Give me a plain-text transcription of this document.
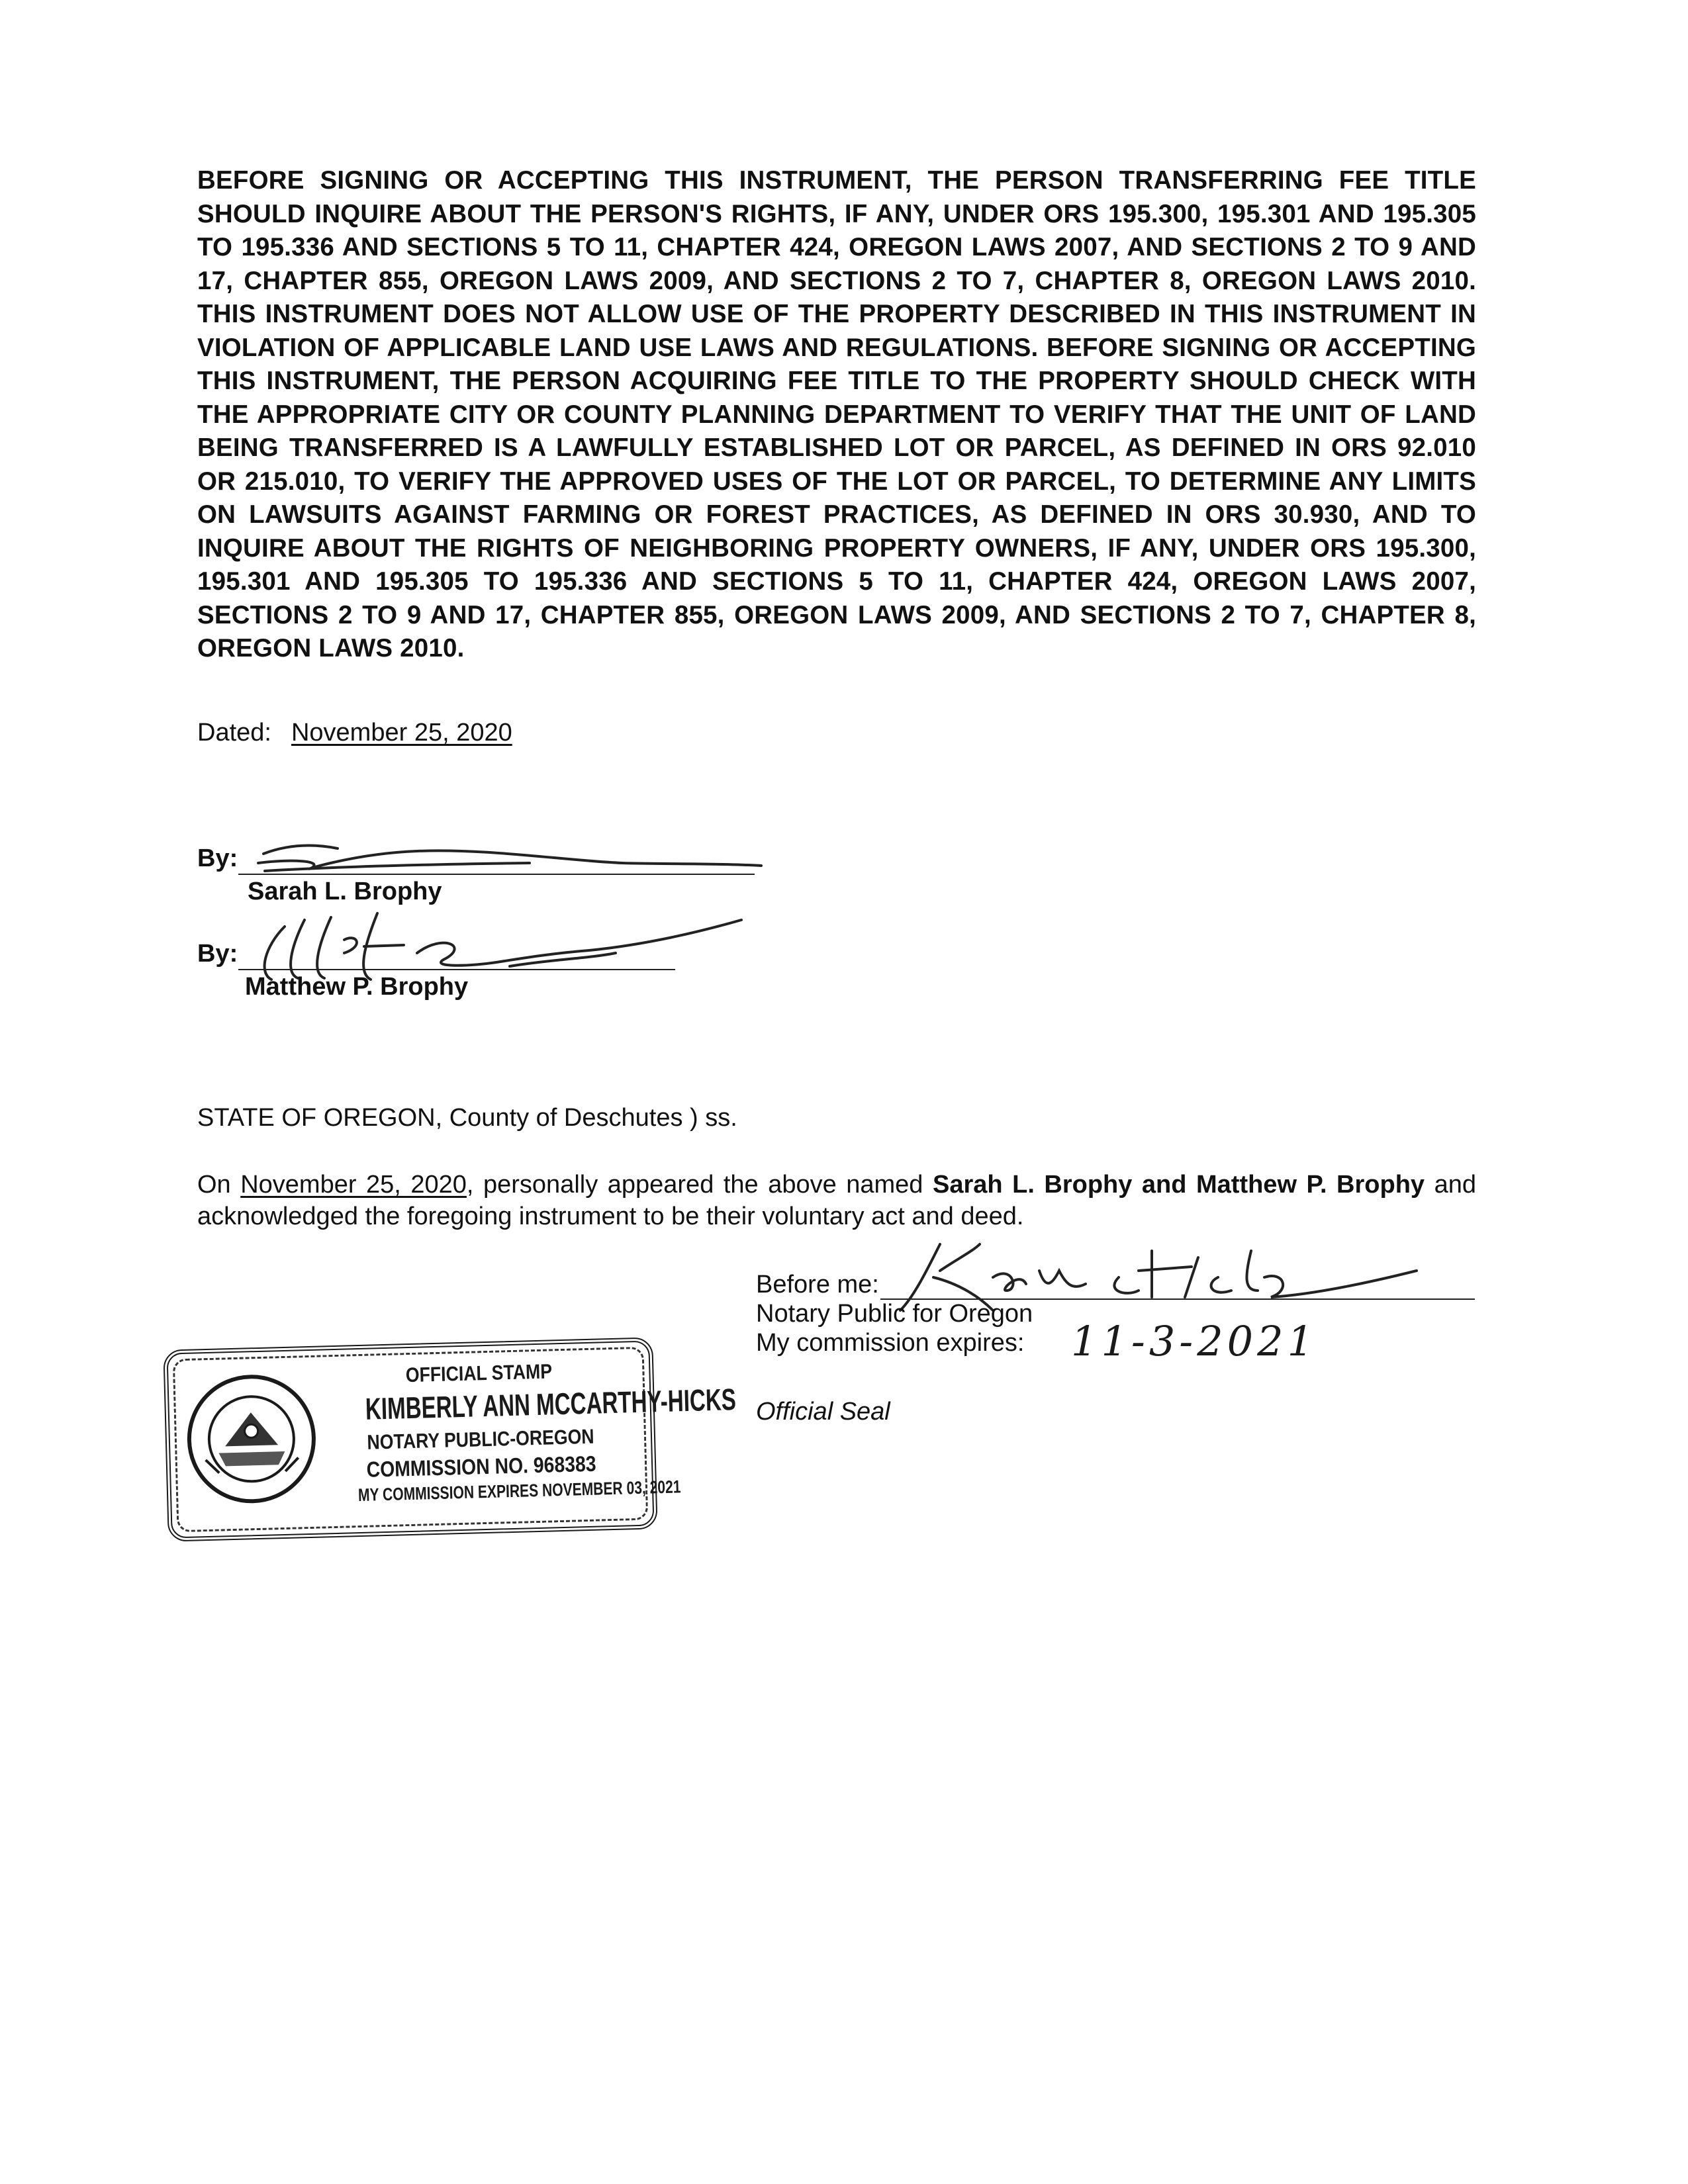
BEFORE SIGNING OR ACCEPTING THIS INSTRUMENT, THE PERSON TRANSFERRING FEE TITLE SHOULD INQUIRE ABOUT THE PERSON'S RIGHTS, IF ANY, UNDER ORS 195.300, 195.301 AND 195.305 TO 195.336 AND SECTIONS 5 TO 11, CHAPTER 424, OREGON LAWS 2007, AND SECTIONS 2 TO 9 AND 17, CHAPTER 855, OREGON LAWS 2009, AND SECTIONS 2 TO 7, CHAPTER 8, OREGON LAWS 2010. THIS INSTRUMENT DOES NOT ALLOW USE OF THE PROPERTY DESCRIBED IN THIS INSTRUMENT IN VIOLATION OF APPLICABLE LAND USE LAWS AND REGULATIONS. BEFORE SIGNING OR ACCEPTING THIS INSTRUMENT, THE PERSON ACQUIRING FEE TITLE TO THE PROPERTY SHOULD CHECK WITH THE APPROPRIATE CITY OR COUNTY PLANNING DEPARTMENT TO VERIFY THAT THE UNIT OF LAND BEING TRANSFERRED IS A LAWFULLY ESTABLISHED LOT OR PARCEL, AS DEFINED IN ORS 92.010 OR 215.010, TO VERIFY THE APPROVED USES OF THE LOT OR PARCEL, TO DETERMINE ANY LIMITS ON LAWSUITS AGAINST FARMING OR FOREST PRACTICES, AS DEFINED IN ORS 30.930, AND TO INQUIRE ABOUT THE RIGHTS OF NEIGHBORING PROPERTY OWNERS, IF ANY, UNDER ORS 195.300, 195.301 AND 195.305 TO 195.336 AND SECTIONS 5 TO 11, CHAPTER 424, OREGON LAWS 2007, SECTIONS 2 TO 9 AND 17, CHAPTER 855, OREGON LAWS 2009, AND SECTIONS 2 TO 7, CHAPTER 8, OREGON LAWS 2010.
Dated: November 25, 2020
By:
Sarah L. Brophy
By:
Matthew P. Brophy
STATE OF OREGON, County of Deschutes ) ss.
On November 25, 2020, personally appeared the above named Sarah L. Brophy and Matthew P. Brophy and acknowledged the foregoing instrument to be their voluntary act and deed.
Before me:
Notary Public for Oregon
My commission expires: 11-3-2021
Official Seal
OFFICIAL STAMP
KIMBERLY ANN MCCARTHY-HICKS
NOTARY PUBLIC-OREGON
COMMISSION NO. 968383
MY COMMISSION EXPIRES NOVEMBER 03, 2021
